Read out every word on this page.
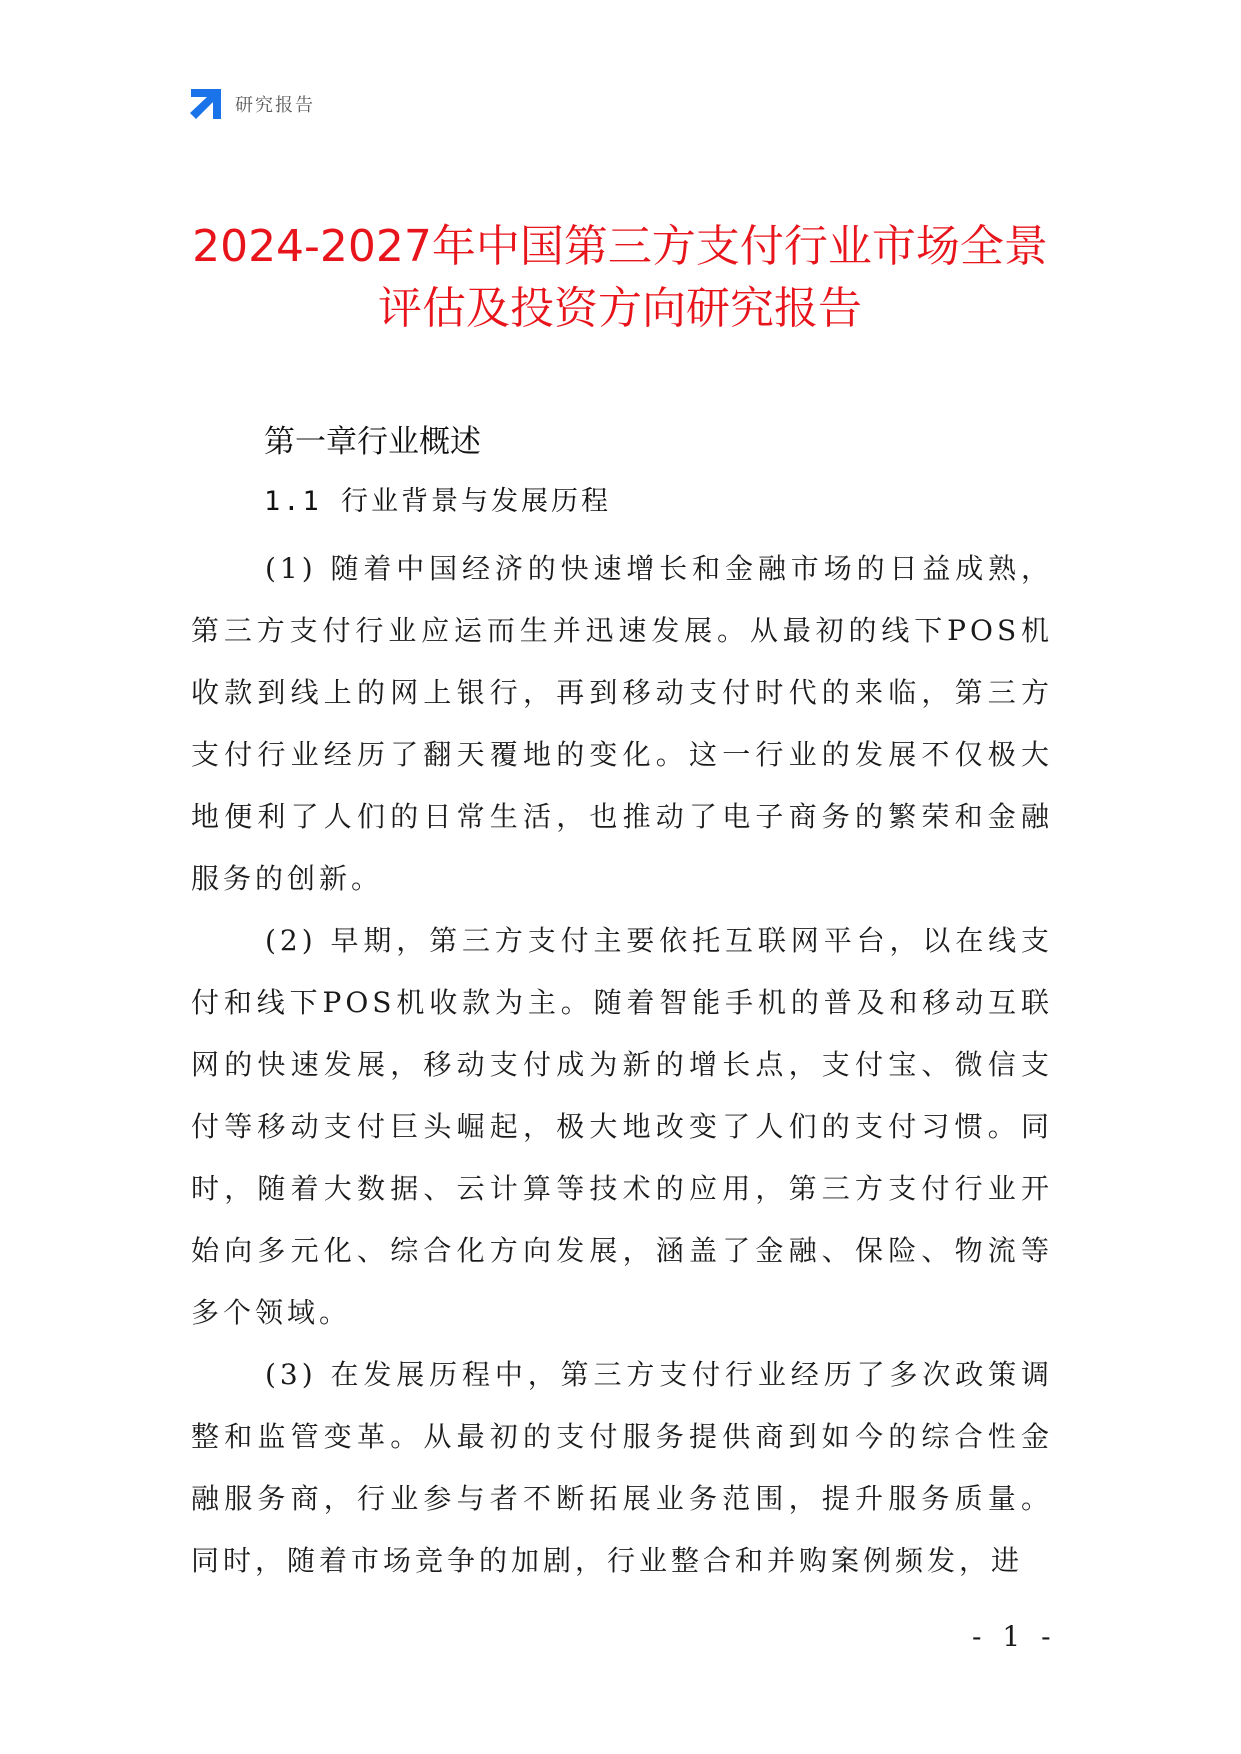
研究报告
2024-2027年中国第三方支付行业市场全景
评估及投资方向研究报告
第一章行业概述
1.1 行业背景与发展历程

(1) 随着中国经济的快速增长和金融市场的日益成熟，第三方支付行业应运而生并迅速发展。从最初的线下POS机收款到线上的网上银行，再到移动支付时代的来临，第三方支付行业经历了翻天覆地的变化。这一行业的发展不仅极大地便利了人们的日常生活，也推动了电子商务的繁荣和金融服务的创新。

(2) 早期，第三方支付主要依托互联网平台，以在线支付和线下POS机收款为主。随着智能手机的普及和移动互联网的快速发展，移动支付成为新的增长点，支付宝、微信支付等移动支付巨头崛起，极大地改变了人们的支付习惯。同时，随着大数据、云计算等技术的应用，第三方支付行业开始向多元化、综合化方向发展，涵盖了金融、保险、物流等多个领域。

(3) 在发展历程中，第三方支付行业经历了多次政策调整和监管变革。从最初的支付服务提供商到如今的综合性金融服务商，行业参与者不断拓展业务范围，提升服务质量。同时，随着市场竞争的加剧，行业整合和并购案例频发，进

- 1 -
